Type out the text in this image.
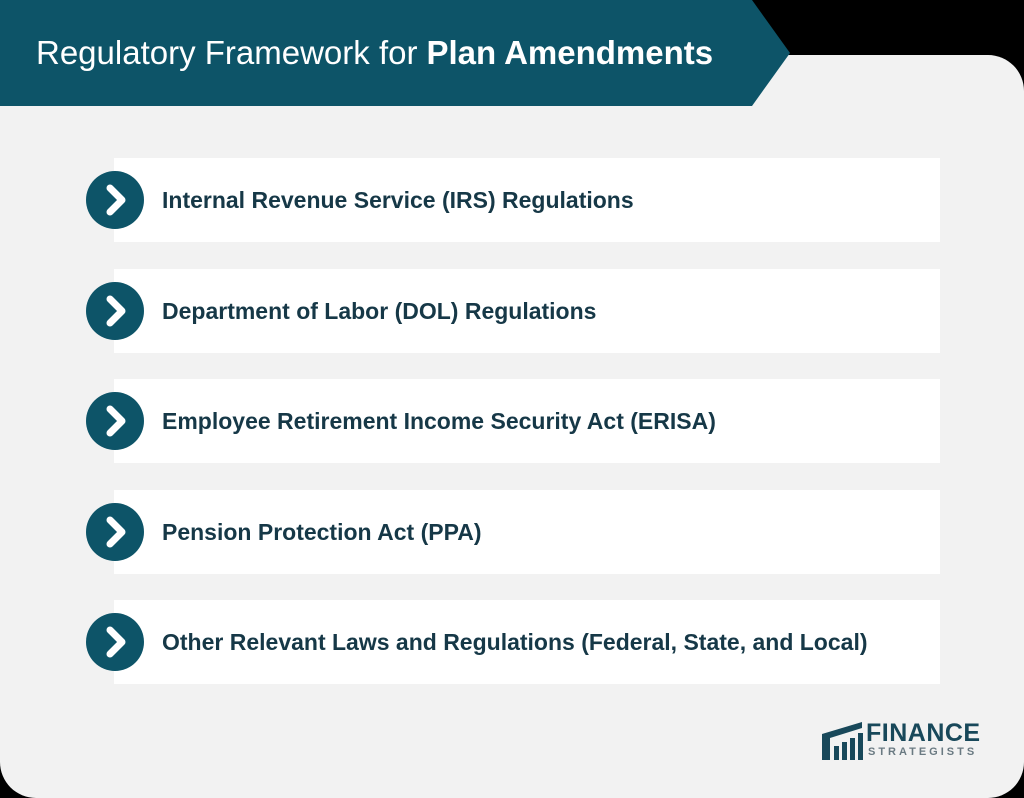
Regulatory Framework for Plan Amendments
Internal Revenue Service (IRS) Regulations
Department of Labor (DOL) Regulations
Employee Retirement Income Security Act (ERISA)
Pension Protection Act (PPA)
Other Relevant Laws and Regulations (Federal, State, and Local)
FINANCE
STRATEGISTS
